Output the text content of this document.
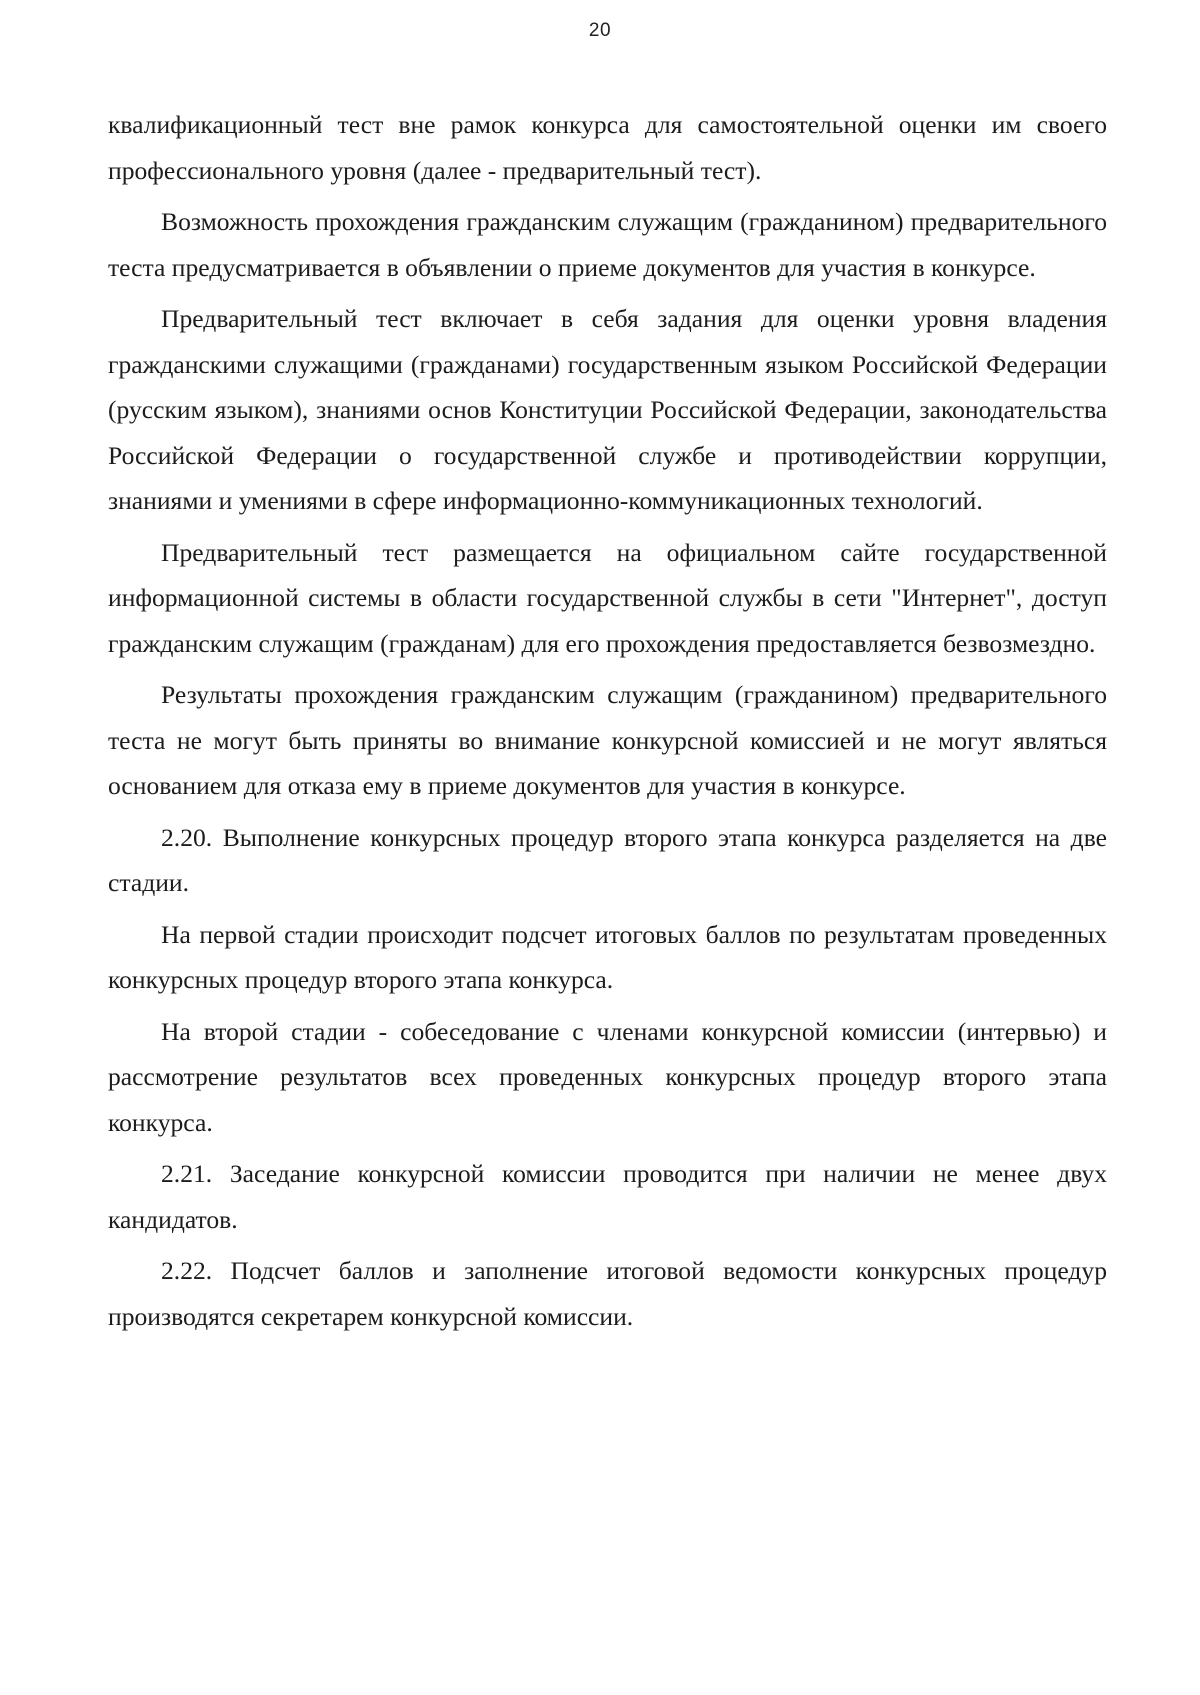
20

квалификационный тест вне рамок конкурса для самостоятельной оценки им своего профессионального уровня (далее - предварительный тест).

Возможность прохождения гражданским служащим (гражданином) предварительного теста предусматривается в объявлении о приеме документов для участия в конкурсе.

Предварительный тест включает в себя задания для оценки уровня владения гражданскими служащими (гражданами) государственным языком Российской Федерации (русским языком), знаниями основ Конституции Российской Федерации, законодательства Российской Федерации о государственной службе и противодействии коррупции, знаниями и умениями в сфере информационно-коммуникационных технологий.

Предварительный тест размещается на официальном сайте государственной информационной системы в области государственной службы в сети "Интернет", доступ гражданским служащим (гражданам) для его прохождения предоставляется безвозмездно.

Результаты прохождения гражданским служащим (гражданином) предварительного теста не могут быть приняты во внимание конкурсной комиссией и не могут являться основанием для отказа ему в приеме документов для участия в конкурсе.

2.20. Выполнение конкурсных процедур второго этапа конкурса разделяется на две стадии.

На первой стадии происходит подсчет итоговых баллов по результатам проведенных конкурсных процедур второго этапа конкурса.

На второй стадии - собеседование с членами конкурсной комиссии (интервью) и рассмотрение результатов всех проведенных конкурсных процедур второго этапа конкурса.

2.21. Заседание конкурсной комиссии проводится при наличии не менее двух кандидатов.

2.22. Подсчет баллов и заполнение итоговой ведомости конкурсных процедур производятся секретарем конкурсной комиссии.
